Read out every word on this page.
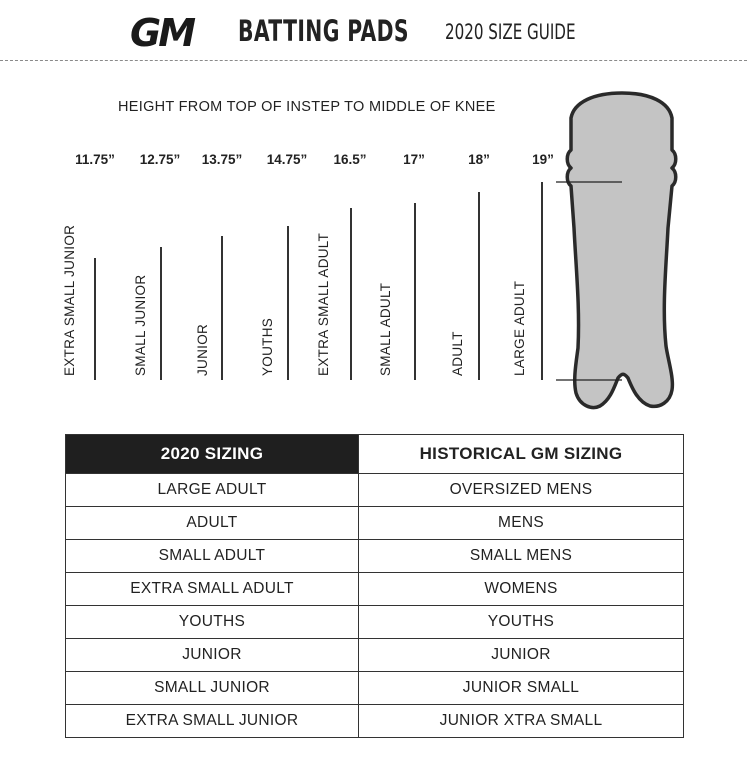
GM BATTING PADS 2020 SIZE GUIDE
HEIGHT FROM TOP OF INSTEP TO MIDDLE OF KNEE
11.75” 12.75” 13.75” 14.75” 16.5”	17”	18”	19”
EXTRA SMALL JUNIOR	SMALL JUNIOR	JUNIOR	YOUTHS	EXTRA SMALL ADULT	SMALL ADULT	ADULT	LARGE ADULT
2020 SIZING	HISTORICAL GM SIZING
LARGE ADULT	OVERSIZED MENS
ADULT	MENS
SMALL ADULT	SMALL MENS
EXTRA SMALL ADULT	WOMENS
YOUTHS	YOUTHS
JUNIOR	JUNIOR
SMALL JUNIOR	JUNIOR SMALL
EXTRA SMALL JUNIOR	JUNIOR XTRA SMALL
